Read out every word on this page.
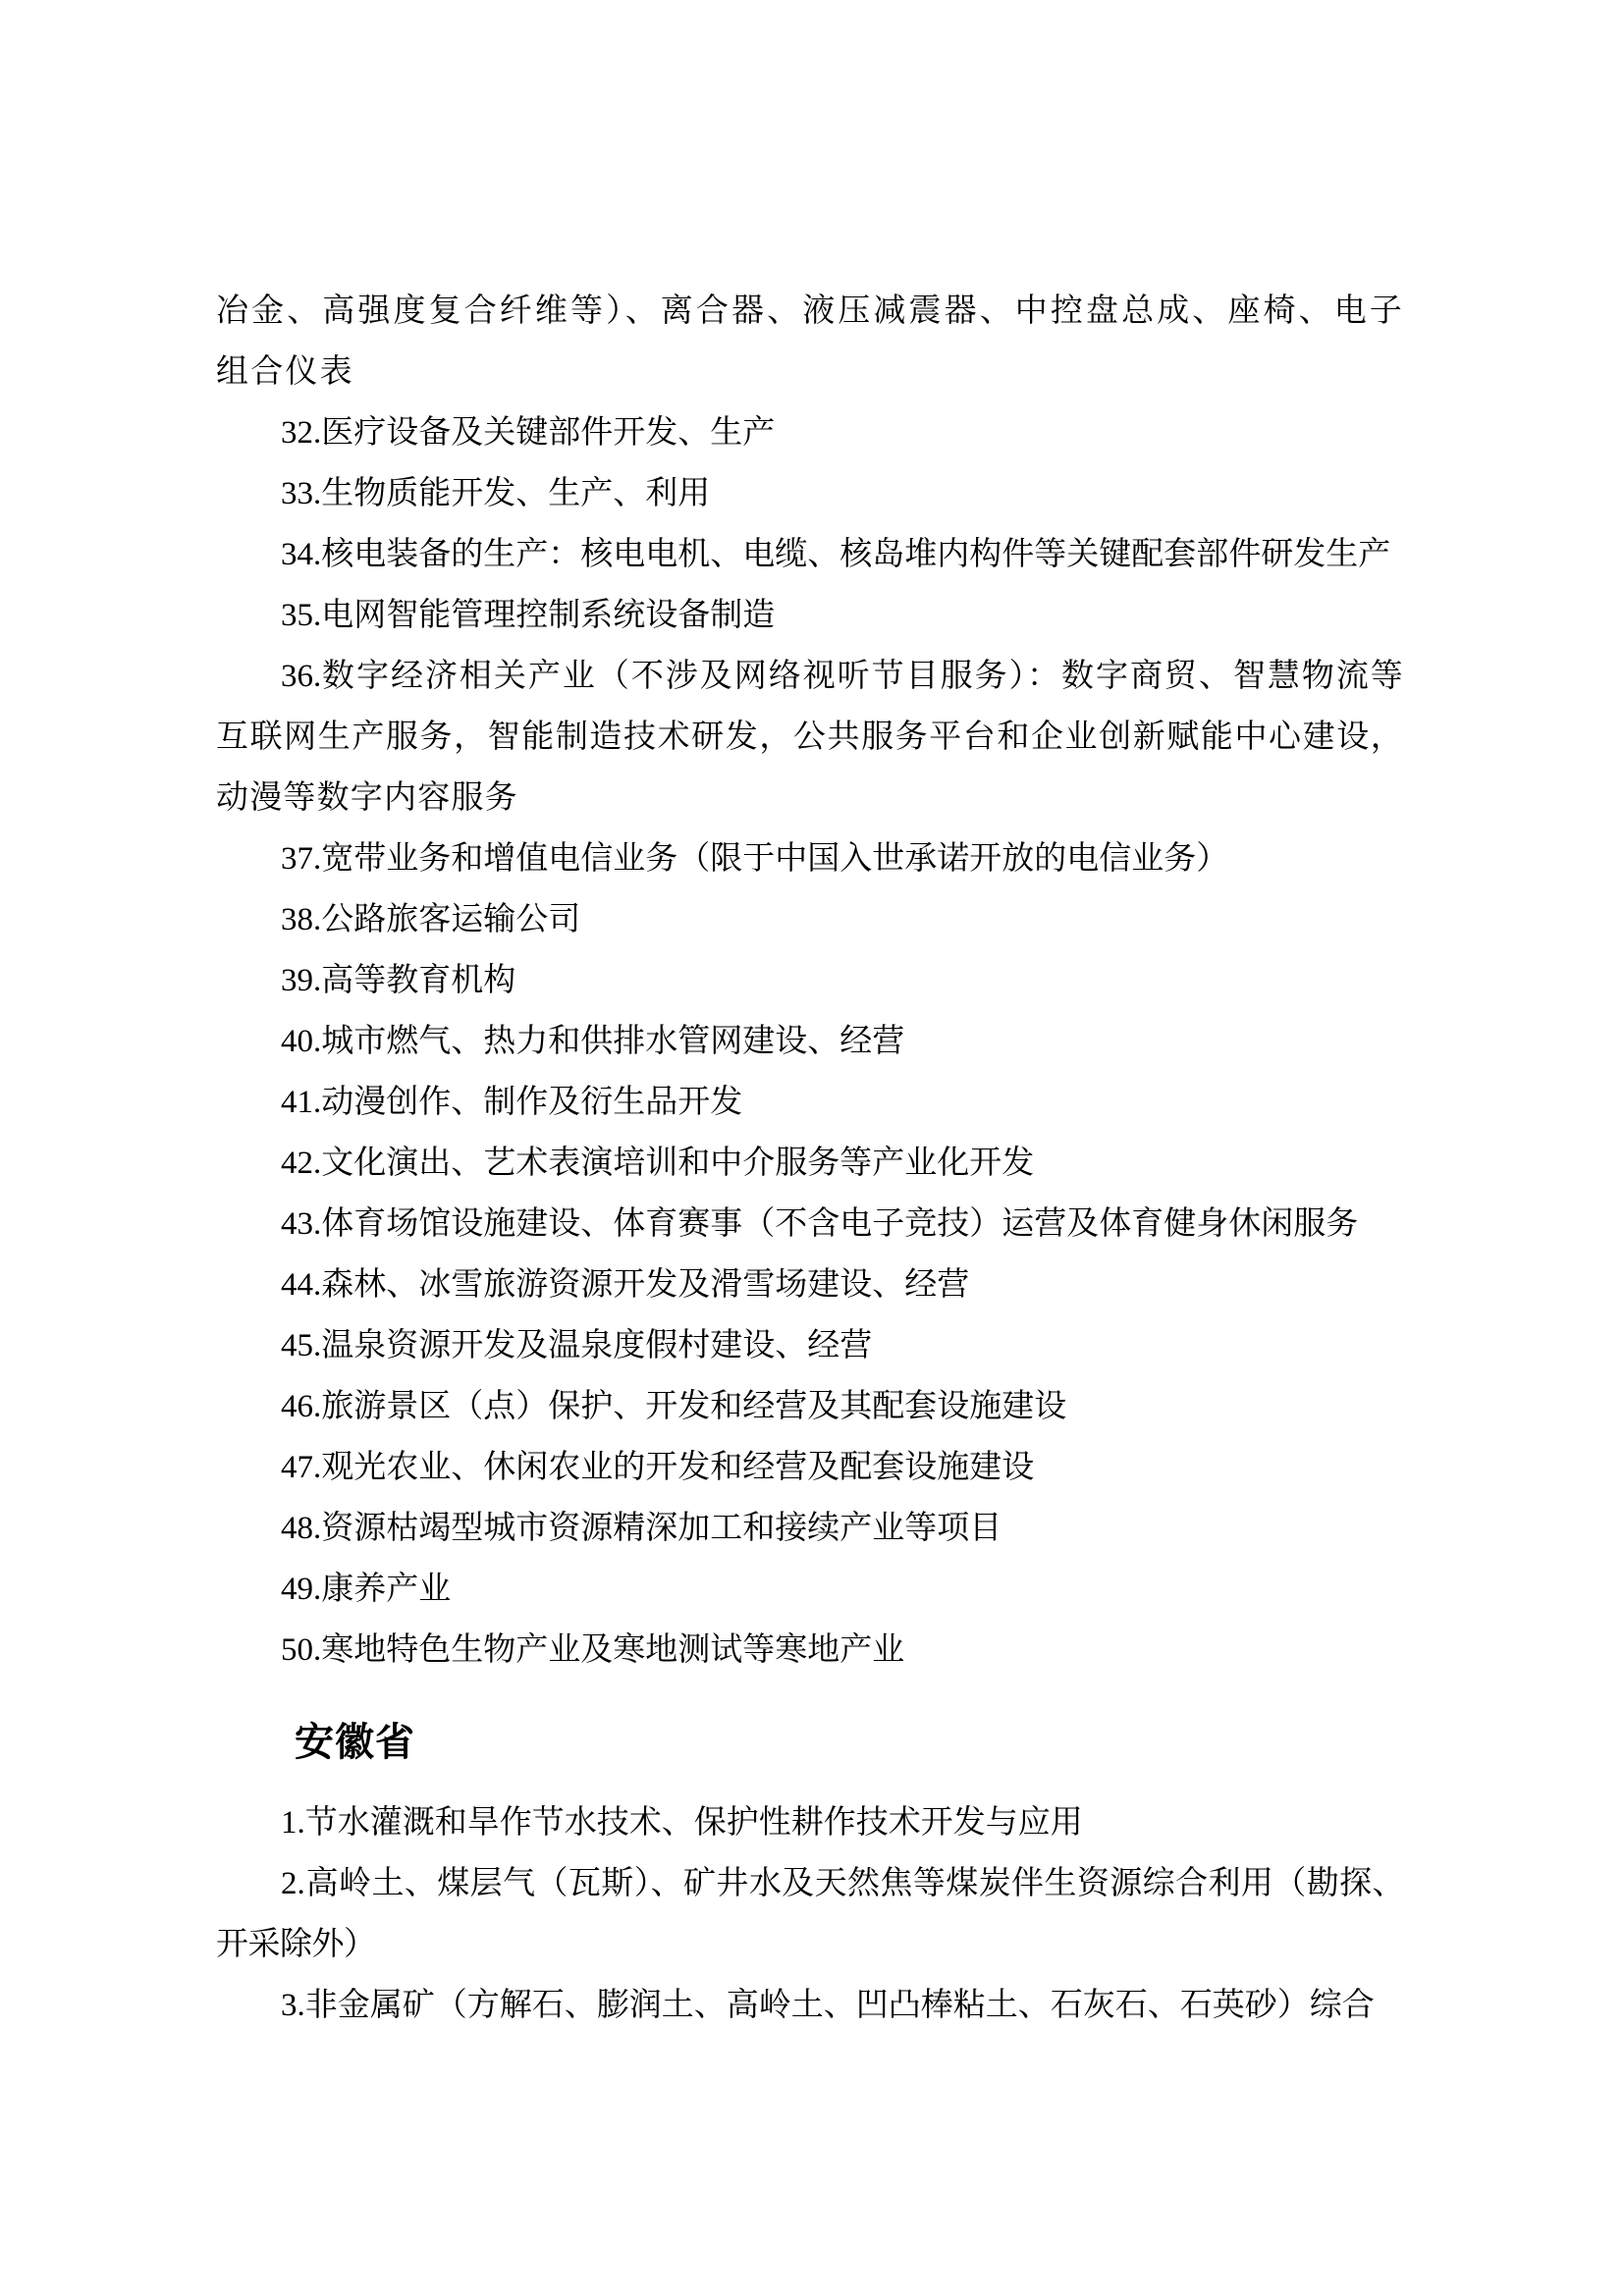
冶金、高强度复合纤维等）、离合器、液压减震器、中控盘总成、座椅、电子组合仪表

32.医疗设备及关键部件开发、生产

33.生物质能开发、生产、利用

34.核电装备的生产：核电电机、电缆、核岛堆内构件等关键配套部件研发生产

35.电网智能管理控制系统设备制造

36.数字经济相关产业（不涉及网络视听节目服务）：数字商贸、智慧物流等互联网生产服务，智能制造技术研发，公共服务平台和企业创新赋能中心建设，动漫等数字内容服务

37.宽带业务和增值电信业务（限于中国入世承诺开放的电信业务）

38.公路旅客运输公司

39.高等教育机构

40.城市燃气、热力和供排水管网建设、经营

41.动漫创作、制作及衍生品开发

42.文化演出、艺术表演培训和中介服务等产业化开发

43.体育场馆设施建设、体育赛事（不含电子竞技）运营及体育健身休闲服务

44.森林、冰雪旅游资源开发及滑雪场建设、经营

45.温泉资源开发及温泉度假村建设、经营

46.旅游景区（点）保护、开发和经营及其配套设施建设

47.观光农业、休闲农业的开发和经营及配套设施建设

48.资源枯竭型城市资源精深加工和接续产业等项目

49.康养产业

50.寒地特色生物产业及寒地测试等寒地产业

安徽省

1.节水灌溉和旱作节水技术、保护性耕作技术开发与应用

2.高岭土、煤层气（瓦斯）、矿井水及天然焦等煤炭伴生资源综合利用（勘探、开采除外）

3.非金属矿（方解石、膨润土、高岭土、凹凸棒粘土、石灰石、石英砂）综合
